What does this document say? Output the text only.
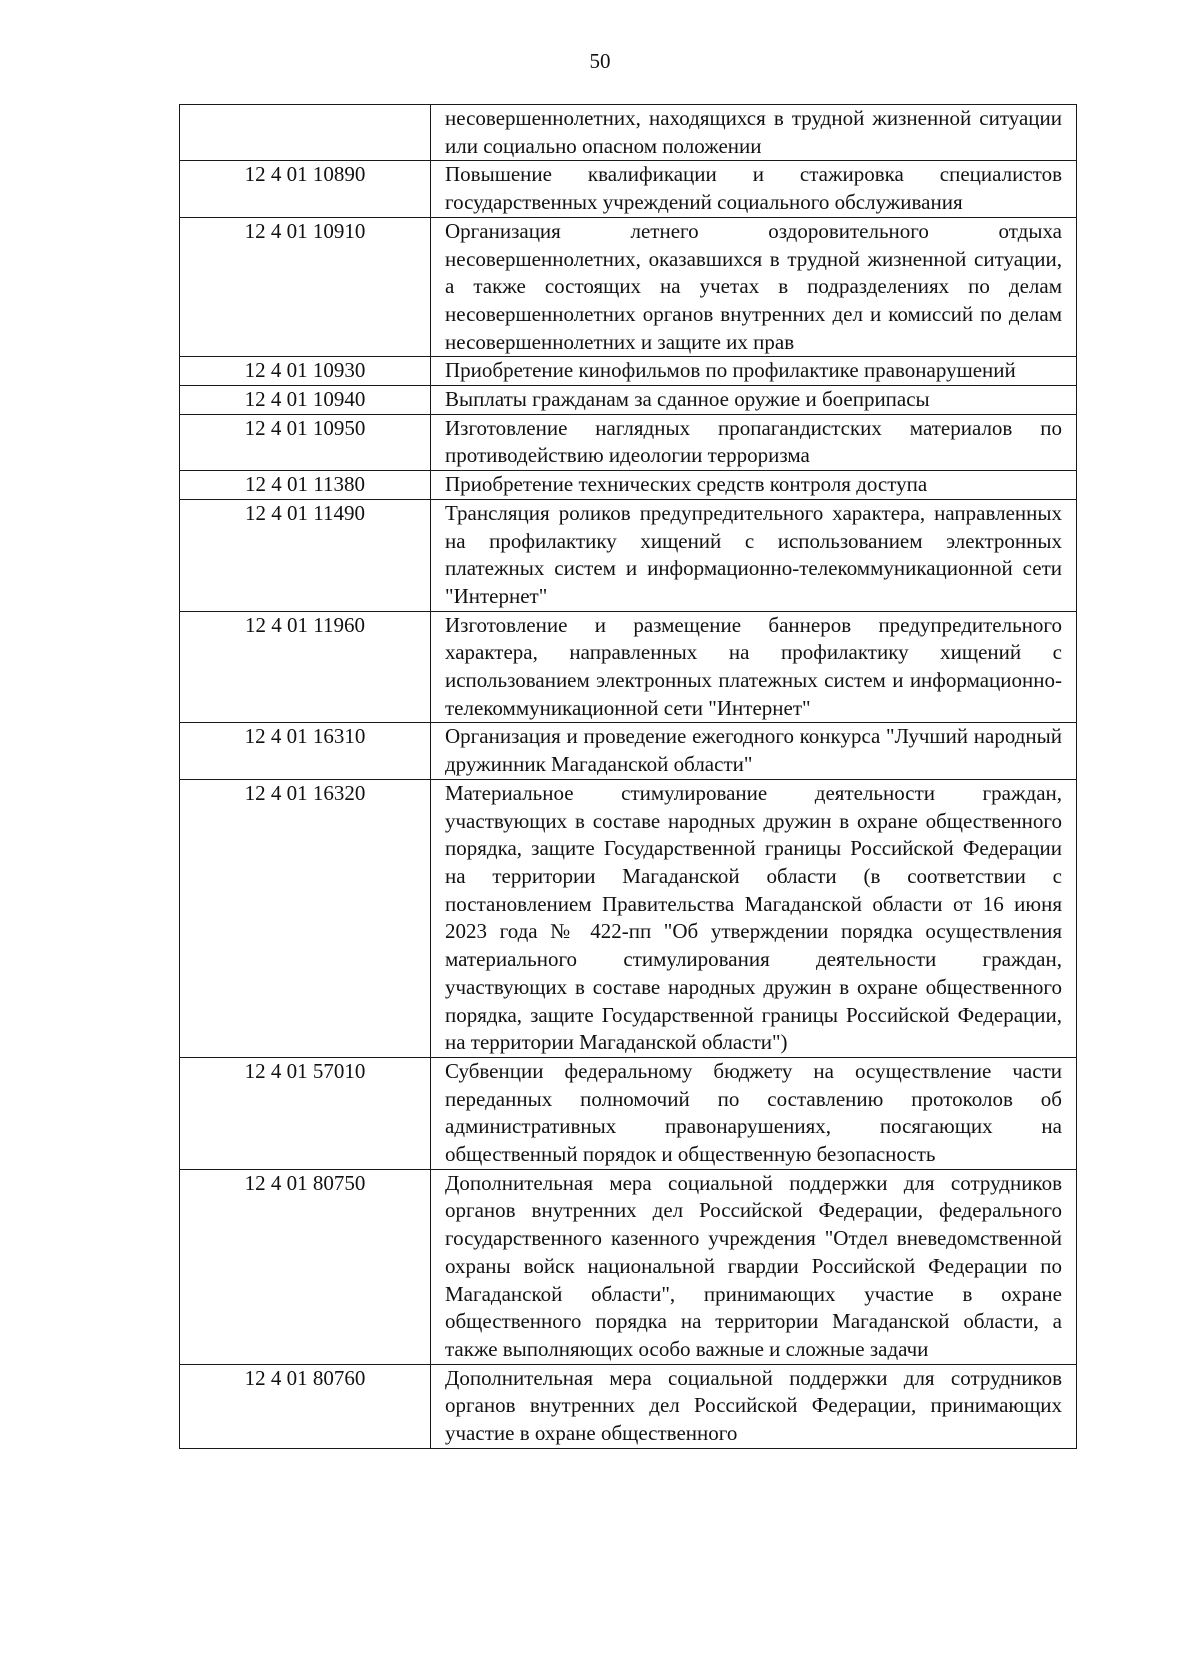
50
	несовершеннолетних, находящихся в трудной жизненной ситуации или социально опасном положении
12 4 01 10890	Повышение квалификации и стажировка специалистов государственных учреждений социального обслуживания
12 4 01 10910	Организация летнего оздоровительного отдыха несовершеннолетних, оказавшихся в трудной жизненной ситуации, а также состоящих на учетах в подразделениях по делам несовершеннолетних органов внутренних дел и комиссий по делам несовершеннолетних и защите их прав
12 4 01 10930	Приобретение кинофильмов по профилактике правонарушений
12 4 01 10940	Выплаты гражданам за сданное оружие и боеприпасы
12 4 01 10950	Изготовление наглядных пропагандистских материалов по противодействию идеологии терроризма
12 4 01 11380	Приобретение технических средств контроля доступа
12 4 01 11490	Трансляция роликов предупредительного характера, направленных на профилактику хищений с использованием электронных платежных систем и информационно-телекоммуникационной сети "Интернет"
12 4 01 11960	Изготовление и размещение баннеров предупредительного характера, направленных на профилактику хищений с использованием электронных платежных систем и информационно-телекоммуникационной сети "Интернет"
12 4 01 16310	Организация и проведение ежегодного конкурса "Лучший народный дружинник Магаданской области"
12 4 01 16320	Материальное стимулирование деятельности граждан, участвующих в составе народных дружин в охране общественного порядка, защите Государственной границы Российской Федерации на территории Магаданской области (в соответствии с постановлением Правительства Магаданской области от 16 июня 2023 года № 422-пп "Об утверждении порядка осуществления материального стимулирования деятельности граждан, участвующих в составе народных дружин в охране общественного порядка, защите Государственной границы Российской Федерации, на территории Магаданской области")
12 4 01 57010	Субвенции федеральному бюджету на осуществление части переданных полномочий по составлению протоколов об административных правонарушениях, посягающих на общественный порядок и общественную безопасность
12 4 01 80750	Дополнительная мера социальной поддержки для сотрудников органов внутренних дел Российской Федерации, федерального государственного казенного учреждения "Отдел вневедомственной охраны войск национальной гвардии Российской Федерации по Магаданской области", принимающих участие в охране общественного порядка на территории Магаданской области, а также выполняющих особо важные и сложные задачи
12 4 01 80760	Дополнительная мера социальной поддержки для сотрудников органов внутренних дел Российской Федерации, принимающих участие в охране общественного
